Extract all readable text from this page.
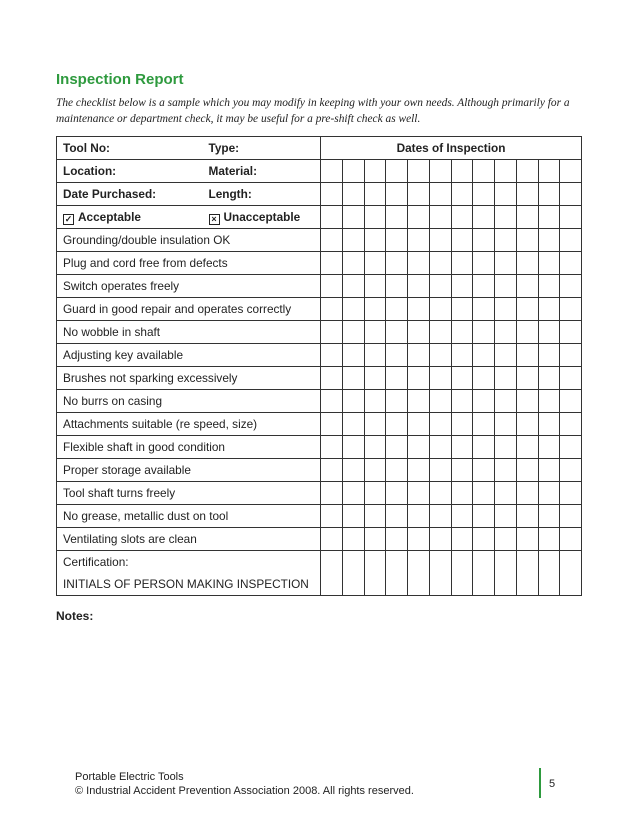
Inspection Report
The checklist below is a sample which you may modify in keeping with your own needs. Although primarily for a maintenance or department check, it may be useful for a pre-shift check as well.
Tool No:	Type:	Dates of Inspection											
Location:	Material:												
Date Purchased:	Length:												
✓ Acceptable	× Unacceptable												
Grounding/double insulation OK													
Plug and cord free from defects													
Switch operates freely													
Guard in good repair and operates correctly													
No wobble in shaft													
Adjusting key available													
Brushes not sparking excessively													
No burrs on casing													
Attachments suitable (re speed, size)													
Flexible shaft in good condition													
Proper storage available													
Tool shaft turns freely													
No grease, metallic dust on tool													
Ventilating slots are clean													

Certification:
INITIALS OF PERSON MAKING INSPECTION													

Notes:
Portable Electric Tools
© Industrial Accident Prevention Association 2008. All rights reserved.
5
